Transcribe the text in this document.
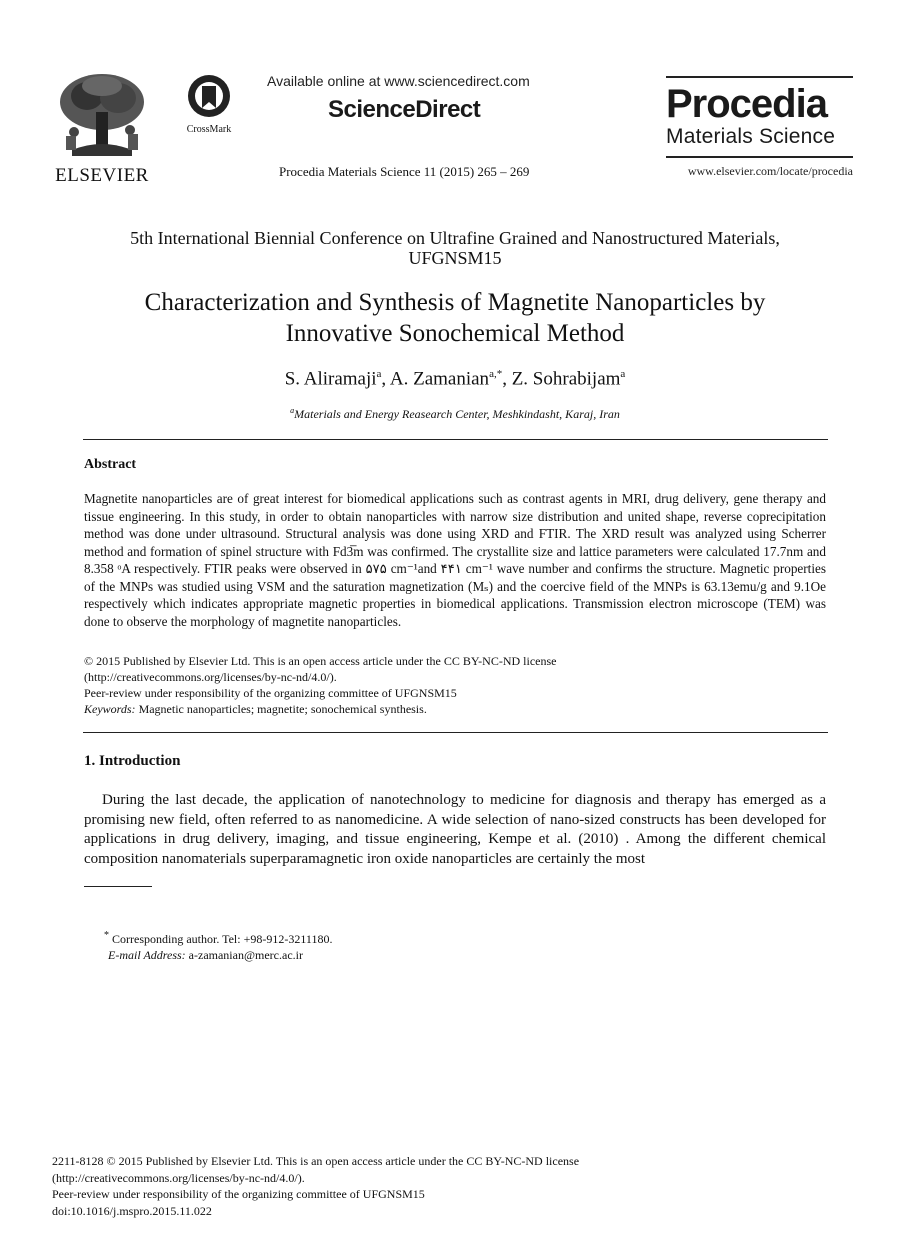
ELSEVIER
CrossMark
Available online at www.sciencedirect.com
ScienceDirect
Procedia Materials Science 11 (2015) 265 – 269
Procedia
Materials Science
www.elsevier.com/locate/procedia
5th International Biennial Conference on Ultrafine Grained and Nanostructured Materials,
UFGNSM15
Characterization and Synthesis of Magnetite Nanoparticles by
Innovative Sonochemical Method
S. Aliramaji$^a$, A. Zamanian$^{a,*}$, Z. Sohrabijam$^a$
$^a$Materials and Energy Reasearch Center, Meshkindasht, Karaj, Iran
Abstract

Magnetite nanoparticles are of great interest for biomedical applications such as contrast agents in MRI, drug delivery, gene therapy and tissue engineering. In this study, in order to obtain nanoparticles with narrow size distribution and united shape, reverse coprecipitation method was done under ultrasound. Structural analysis was done using XRD and FTIR. The XRD result was analyzed using Scherrer method and formation of spinel structure with Fd3̅m was confirmed. The crystallite size and lattice parameters were calculated 17.7nm and 8.358 ᵒA respectively. FTIR peaks were observed in ۵۷۵ cm⁻¹and ۴۴۱ cm⁻¹ wave number and confirms the structure. Magnetic properties of the MNPs was studied using VSM and the saturation magnetization (Mₛ) and the coercive field of the MNPs is 63.13emu/g and 9.1Oe respectively which indicates appropriate magnetic properties in biomedical applications. Transmission electron microscope (TEM) was done to observe the morphology of magnetite nanoparticles.

© 2015 Published by Elsevier Ltd. This is an open access article under the CC BY-NC-ND license
(http://creativecommons.org/licenses/by-nc-nd/4.0/).
Peer-review under responsibility of the organizing committee of UFGNSM15
Keywords: Magnetic nanoparticles; magnetite; sonochemical synthesis.
1. Introduction

During the last decade, the application of nanotechnology to medicine for diagnosis and therapy has emerged as a promising new field, often referred to as nanomedicine. A wide selection of nano-sized constructs has been developed for applications in drug delivery, imaging, and tissue engineering, Kempe et al. (2010) . Among the different chemical composition nanomaterials superparamagnetic iron oxide nanoparticles are certainly the most

* Corresponding author. Tel: +98-912-3211180.
E-mail Address: a-zamanian@merc.ac.ir
2211-8128 © 2015 Published by Elsevier Ltd. This is an open access article under the CC BY-NC-ND license
(http://creativecommons.org/licenses/by-nc-nd/4.0/).
Peer-review under responsibility of the organizing committee of UFGNSM15
doi:10.1016/j.mspro.2015.11.022
